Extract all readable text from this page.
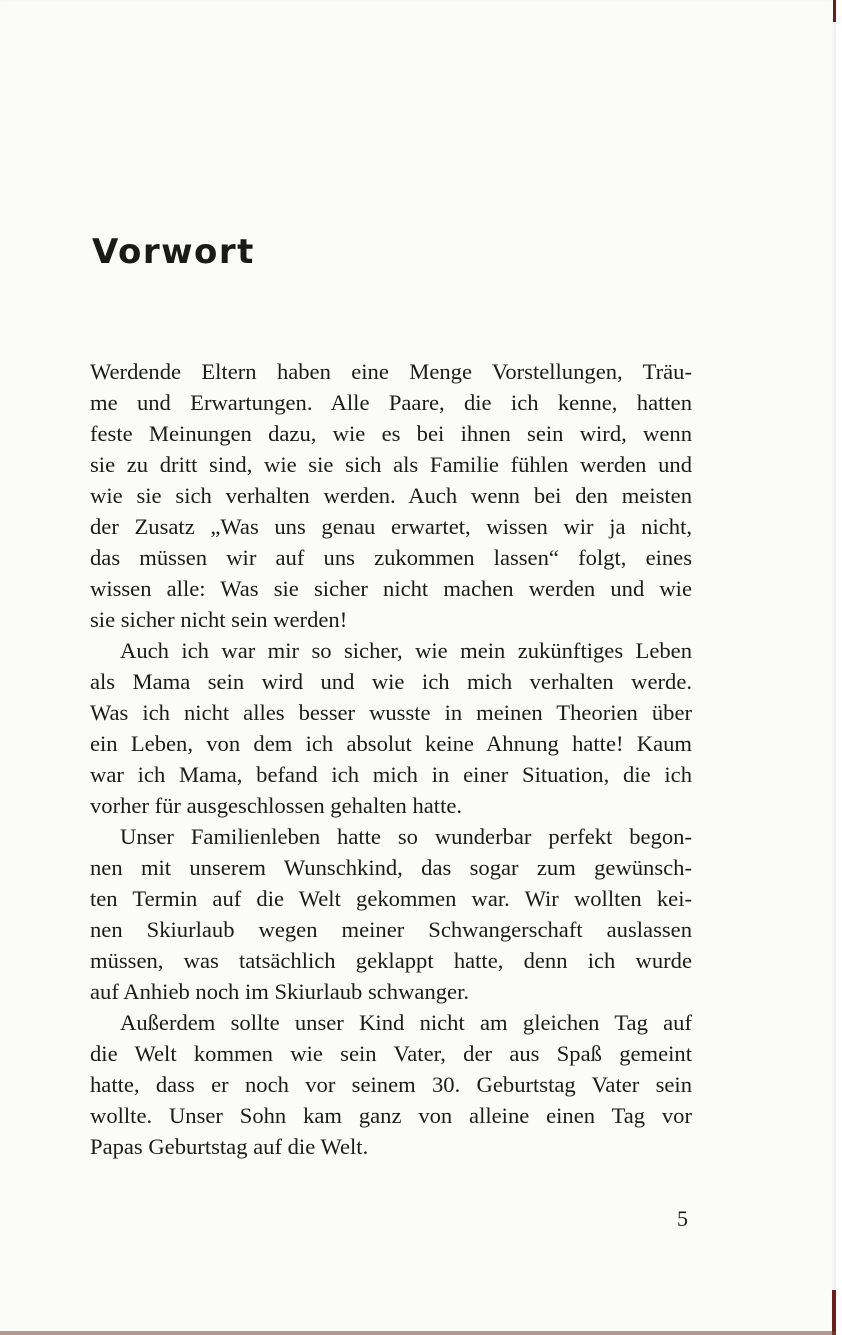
Vorwort
Werdende Eltern haben eine Menge Vorstellungen, Träu-
me und Erwartungen. Alle Paare, die ich kenne, hatten
feste Meinungen dazu, wie es bei ihnen sein wird, wenn
sie zu dritt sind, wie sie sich als Familie fühlen werden und
wie sie sich verhalten werden. Auch wenn bei den meisten
der Zusatz „Was uns genau erwartet, wissen wir ja nicht,
das müssen wir auf uns zukommen lassen“ folgt, eines
wissen alle: Was sie sicher nicht machen werden und wie
sie sicher nicht sein werden!
Auch ich war mir so sicher, wie mein zukünftiges Leben
als Mama sein wird und wie ich mich verhalten werde.
Was ich nicht alles besser wusste in meinen Theorien über
ein Leben, von dem ich absolut keine Ahnung hatte! Kaum
war ich Mama, befand ich mich in einer Situation, die ich
vorher für ausgeschlossen gehalten hatte.
Unser Familienleben hatte so wunderbar perfekt begon-
nen mit unserem Wunschkind, das sogar zum gewünsch-
ten Termin auf die Welt gekommen war. Wir wollten kei-
nen Skiurlaub wegen meiner Schwangerschaft auslassen
müssen, was tatsächlich geklappt hatte, denn ich wurde
auf Anhieb noch im Skiurlaub schwanger.
Außerdem sollte unser Kind nicht am gleichen Tag auf
die Welt kommen wie sein Vater, der aus Spaß gemeint
hatte, dass er noch vor seinem 30. Geburtstag Vater sein
wollte. Unser Sohn kam ganz von alleine einen Tag vor
Papas Geburtstag auf die Welt.
5
